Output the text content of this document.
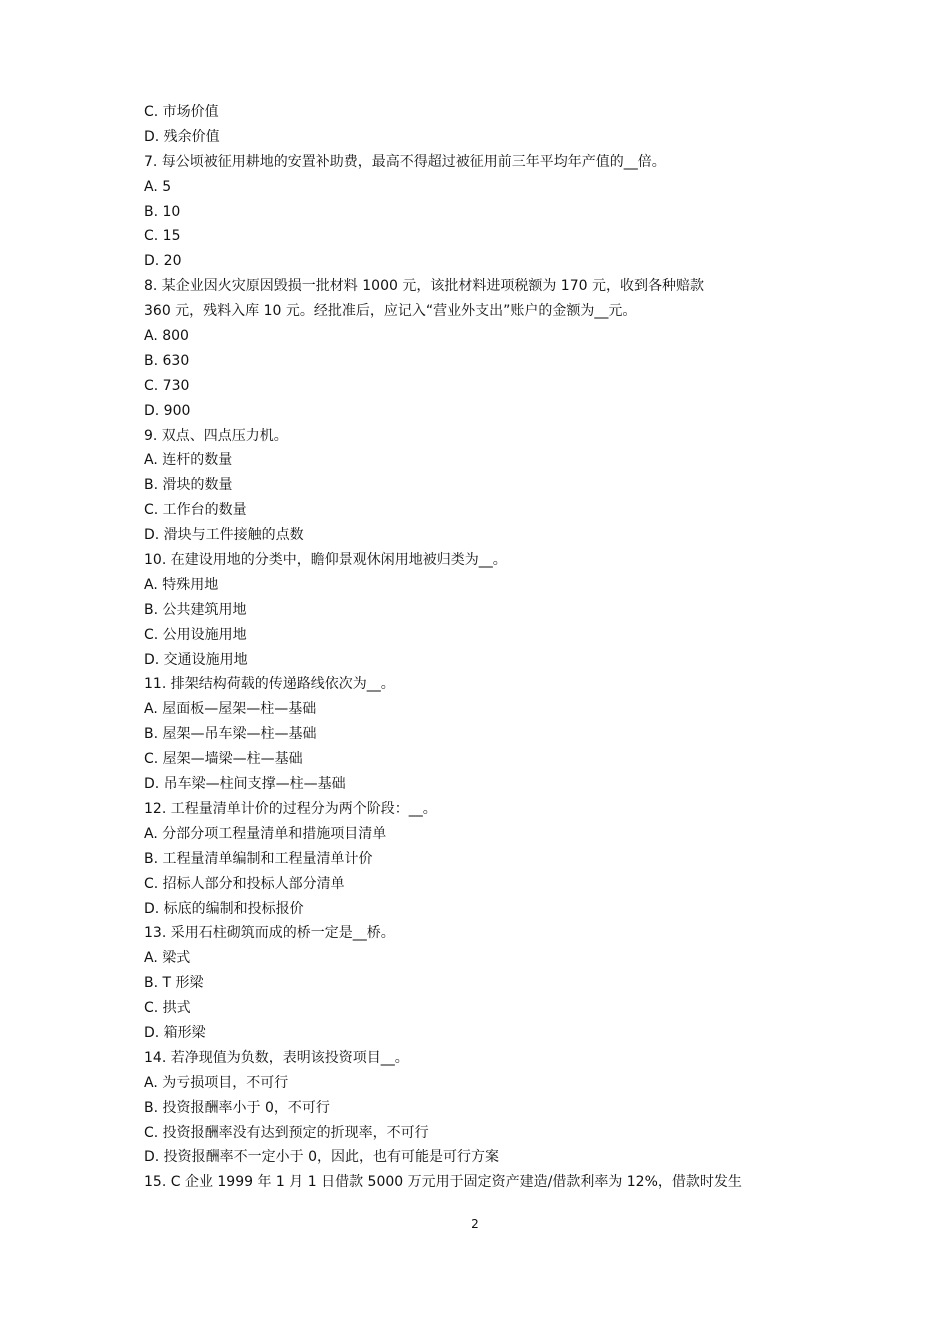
C. 市场价值
D. 残余价值
7. 每公顷被征用耕地的安置补助费，最高不得超过被征用前三年平均年产值的__倍。
A. 5
B. 10
C. 15
D. 20
8. 某企业因火灾原因毁损一批材料 1000 元，该批材料进项税额为 170 元，收到各种赔款
360 元，残料入库 10 元。经批准后，应记入“营业外支出”账户的金额为__元。
A. 800
B. 630
C. 730
D. 900
9. 双点、四点压力机。
A. 连杆的数量
B. 滑块的数量
C. 工作台的数量
D. 滑块与工件接触的点数
10. 在建设用地的分类中，瞻仰景观休闲用地被归类为__。
A. 特殊用地
B. 公共建筑用地
C. 公用设施用地
D. 交通设施用地
11. 排架结构荷载的传递路线依次为__。
A. 屋面板—屋架—柱—基础
B. 屋架—吊车梁—柱—基础
C. 屋架—墙梁—柱—基础
D. 吊车梁—柱间支撑—柱—基础
12. 工程量清单计价的过程分为两个阶段：__。
A. 分部分项工程量清单和措施项目清单
B. 工程量清单编制和工程量清单计价
C. 招标人部分和投标人部分清单
D. 标底的编制和投标报价
13. 采用石柱砌筑而成的桥一定是__桥。
A. 梁式
B. T 形梁
C. 拱式
D. 箱形梁
14. 若净现值为负数，表明该投资项目__。
A. 为亏损项目，不可行
B. 投资报酬率小于 0，不可行
C. 投资报酬率没有达到预定的折现率，不可行
D. 投资报酬率不一定小于 0，因此，也有可能是可行方案
15. C 企业 1999 年 1 月 1 日借款 5000 万元用于固定资产建造/借款利率为 12%，借款时发生
2
